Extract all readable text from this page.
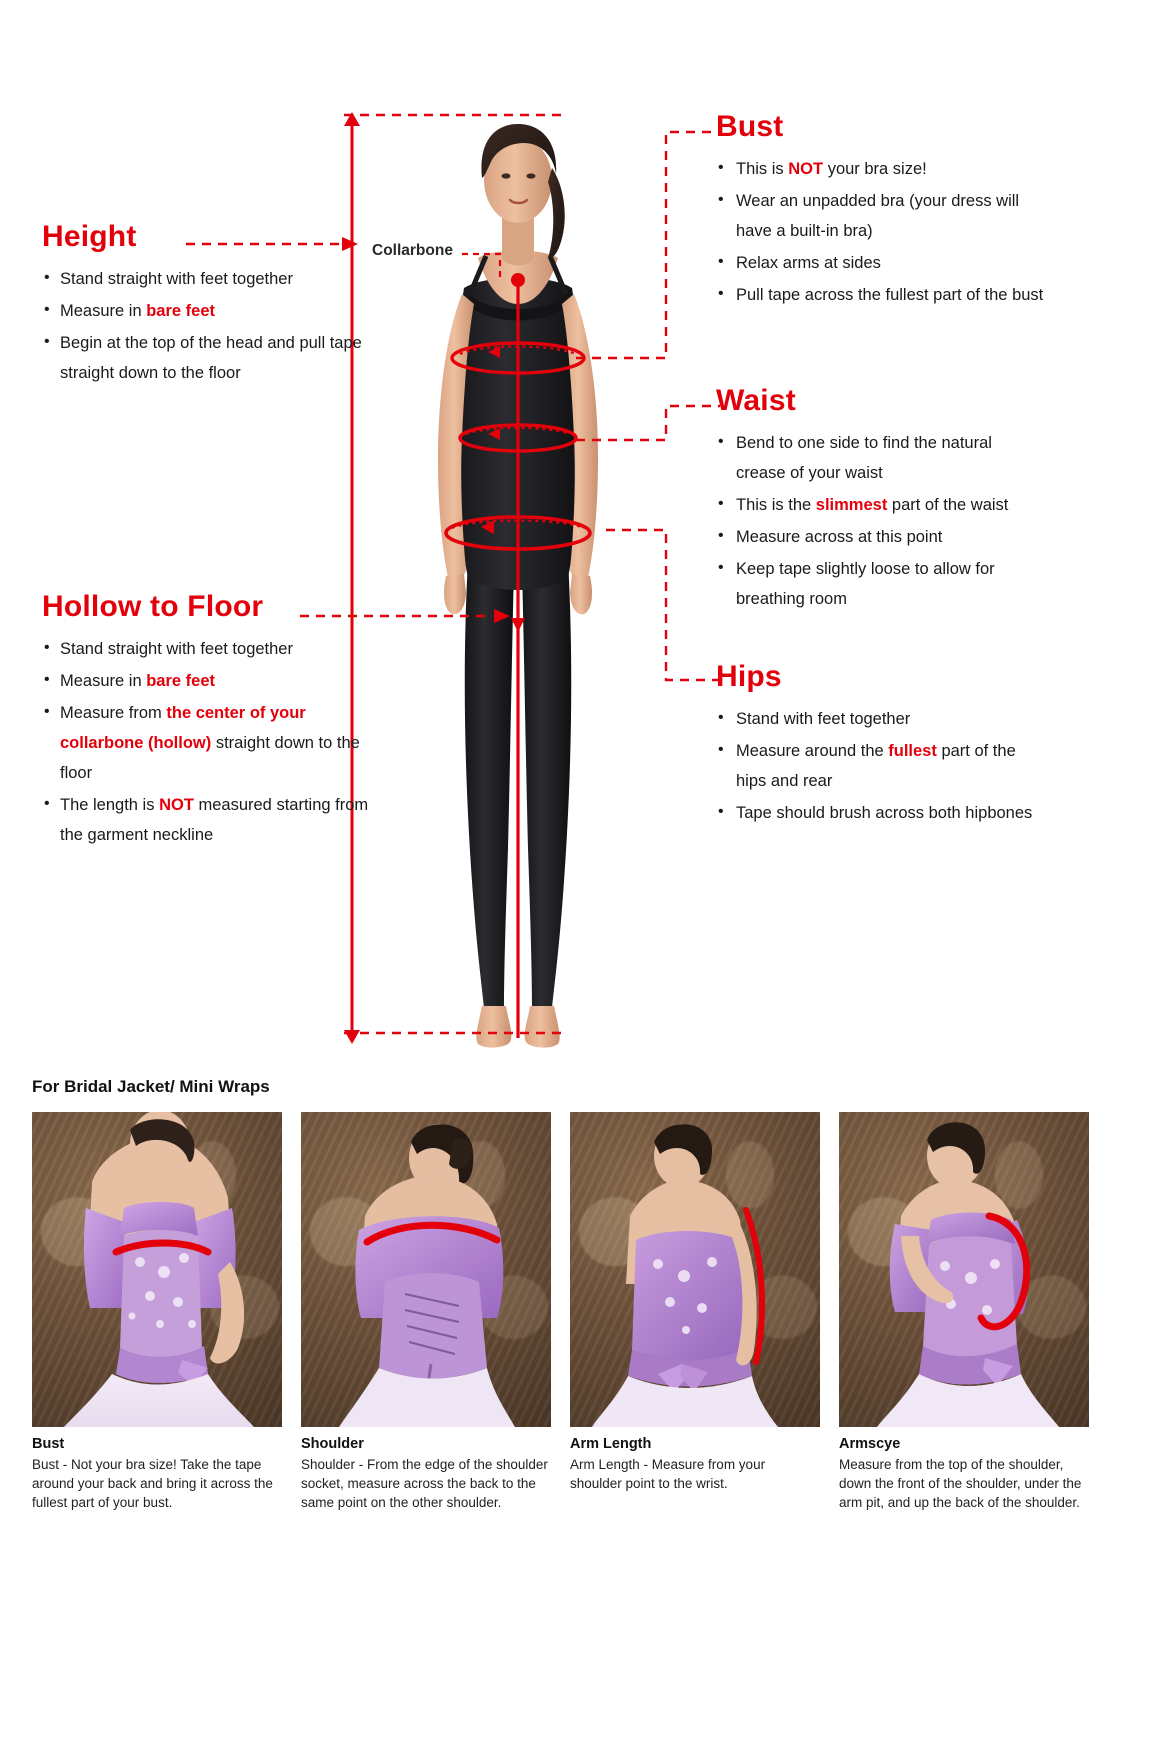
Collarbone
Height
• Stand straight with feet together
• Measure in bare feet
• Begin at the top of the head and pull tape straight down to the floor
Hollow to Floor
• Stand straight with feet together
• Measure in bare feet
• Measure from the center of your collarbone (hollow) straight down to the floor
• The length is NOT measured starting from the garment neckline
Bust
• This is NOT your bra size!
• Wear an unpadded bra (your dress will have a built-in bra)
• Relax arms at sides
• Pull tape across the fullest part of the bust
Waist
• Bend to one side to find the natural crease of your waist
• This is the slimmest part of the waist
• Measure across at this point
• Keep tape slightly loose to allow for breathing room
Hips
• Stand with feet together
• Measure around the fullest part of the hips and rear
• Tape should brush across both hipbones
For Bridal Jacket/ Mini Wraps
Bust
Bust - Not your bra size! Take the tape around your back and bring it across the fullest part of your bust.
Shoulder
Shoulder - From the edge of the shoulder socket, measure across the back to the same point on the other shoulder.
Arm Length
Arm Length - Measure from your shoulder point to the wrist.
Armscye
Measure from the top of the shoulder, down the front of the shoulder, under the arm pit, and up the back of the shoulder.
